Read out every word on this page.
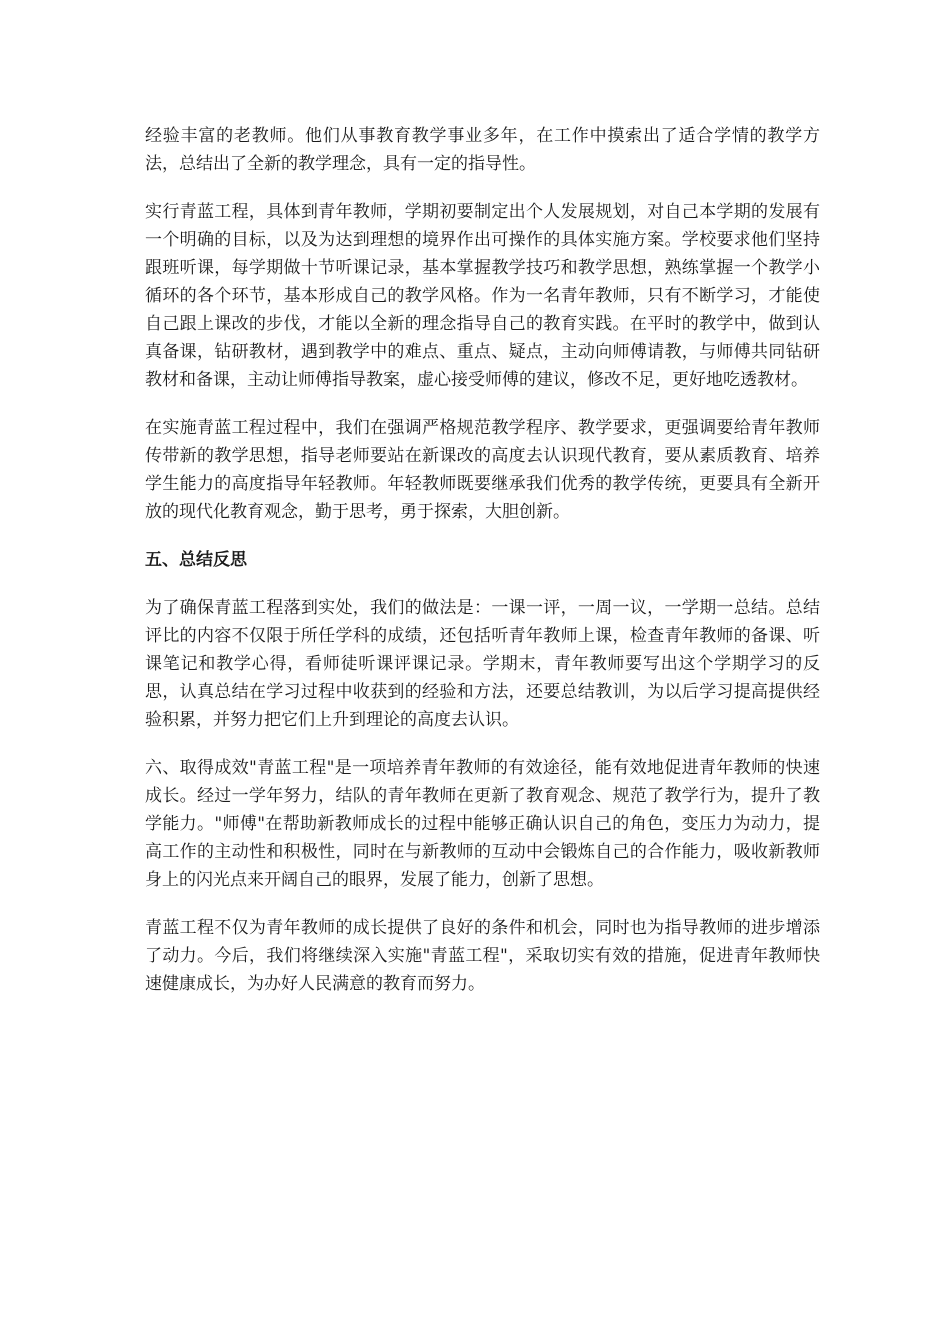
经验丰富的老教师。他们从事教育教学事业多年，在工作中摸索出了适合学情的教学方法，总结出了全新的教学理念，具有一定的指导性。

实行青蓝工程，具体到青年教师，学期初要制定出个人发展规划，对自己本学期的发展有一个明确的目标，以及为达到理想的境界作出可操作的具体实施方案。学校要求他们坚持跟班听课，每学期做十节听课记录，基本掌握教学技巧和教学思想，熟练掌握一个教学小循环的各个环节，基本形成自己的教学风格。作为一名青年教师，只有不断学习，才能使自己跟上课改的步伐，才能以全新的理念指导自己的教育实践。在平时的教学中，做到认真备课，钻研教材，遇到教学中的难点、重点、疑点，主动向师傅请教，与师傅共同钻研教材和备课，主动让师傅指导教案，虚心接受师傅的建议，修改不足，更好地吃透教材。

在实施青蓝工程过程中，我们在强调严格规范教学程序、教学要求，更强调要给青年教师传带新的教学思想，指导老师要站在新课改的高度去认识现代教育，要从素质教育、培养学生能力的高度指导年轻教师。年轻教师既要继承我们优秀的教学传统，更要具有全新开放的现代化教育观念，勤于思考，勇于探索，大胆创新。

五、总结反思

为了确保青蓝工程落到实处，我们的做法是：一课一评，一周一议，一学期一总结。总结评比的内容不仅限于所任学科的成绩，还包括听青年教师上课，检查青年教师的备课、听课笔记和教学心得，看师徒听课评课记录。学期末，青年教师要写出这个学期学习的反思，认真总结在学习过程中收获到的经验和方法，还要总结教训，为以后学习提高提供经验积累，并努力把它们上升到理论的高度去认识。

六、取得成效"青蓝工程"是一项培养青年教师的有效途径，能有效地促进青年教师的快速成长。经过一学年努力，结队的青年教师在更新了教育观念、规范了教学行为，提升了教学能力。"师傅"在帮助新教师成长的过程中能够正确认识自己的角色，变压力为动力，提高工作的主动性和积极性，同时在与新教师的互动中会锻炼自己的合作能力，吸收新教师身上的闪光点来开阔自己的眼界，发展了能力，创新了思想。

青蓝工程不仅为青年教师的成长提供了良好的条件和机会，同时也为指导教师的进步增添了动力。今后，我们将继续深入实施"青蓝工程"，采取切实有效的措施，促进青年教师快速健康成长，为办好人民满意的教育而努力。
